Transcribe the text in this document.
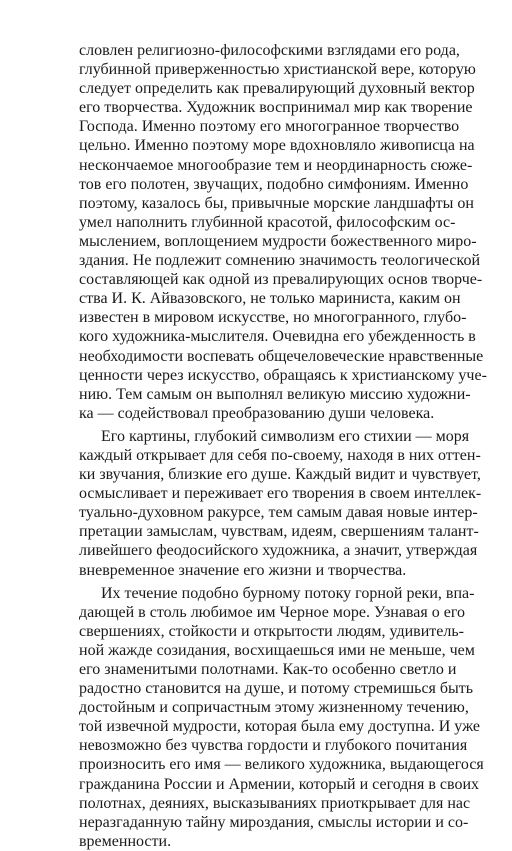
словлен религиозно-философскими взглядами его рода,
глубинной приверженностью христианской вере, которую
следует определить как превалирующий духовный вектор
его творчества. Художник воспринимал мир как творение
Господа. Именно поэтому его многогранное творчество
цельно. Именно поэтому море вдохновляло живописца на
нескончаемое многообразие тем и неординарность сюже-
тов его полотен, звучащих, подобно симфониям. Именно
поэтому, казалось бы, привычные морские ландшафты он
умел наполнить глубинной красотой, философским ос-
мыслением, воплощением мудрости божественного миро-
здания. Не подлежит сомнению значимость теологической
составляющей как одной из превалирующих основ творче-
ства И. К. Айвазовского, не только мариниста, каким он
известен в мировом искусстве, но многогранного, глубо-
кого художника-мыслителя. Очевидна его убежденность в
необходимости воспевать общечеловеческие нравственные
ценности через искусство, обращаясь к христианскому уче-
нию. Тем самым он выполнял великую миссию художни-
ка — содействовал преобразованию души человека.

Его картины, глубокий символизм его стихии — моря
каждый открывает для себя по-своему, находя в них оттен-
ки звучания, близкие его душе. Каждый видит и чувствует,
осмысливает и переживает его творения в своем интеллек-
туально-духовном ракурсе, тем самым давая новые интер-
претации замыслам, чувствам, идеям, свершениям талант-
ливейшего феодосийского художника, а значит, утверждая
вневременное значение его жизни и творчества.

Их течение подобно бурному потоку горной реки, впа-
дающей в столь любимое им Черное море. Узнавая о его
свершениях, стойкости и открытости людям, удивитель-
ной жажде созидания, восхищаешься ими не меньше, чем
его знаменитыми полотнами. Как-то особенно светло и
радостно становится на душе, и потому стремишься быть
достойным и сопричастным этому жизненному течению,
той извечной мудрости, которая была ему доступна. И уже
невозможно без чувства гордости и глубокого почитания
произносить его имя — великого художника, выдающегося
гражданина России и Армении, который и сегодня в своих
полотнах, деяниях, высказываниях приоткрывает для нас
неразгаданную тайну мироздания, смыслы истории и со-
временности.
